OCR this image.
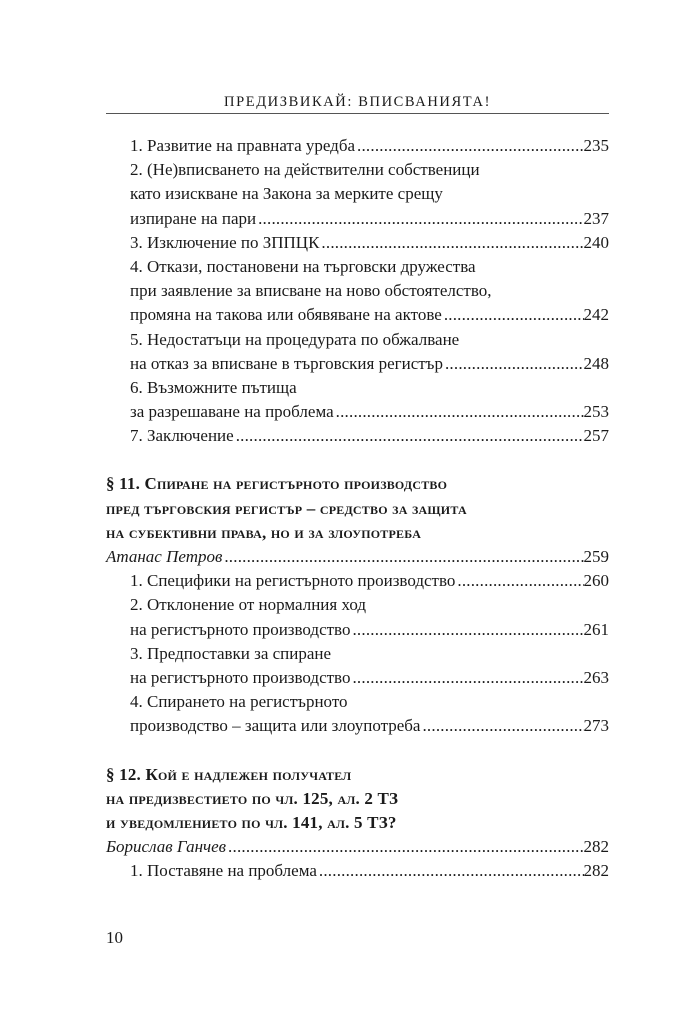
ПРЕДИЗВИКАЙ: ВПИСВАНИЯТА!
1. Развитие на правната уредба .....	235
2. (Не)вписването на действителни собственици
като изискване на Закона за мерките срещу
изпиране на пари .....	237
3. Изключение по ЗППЦК .....	240
4. Откази, постановени на търговски дружества
при заявление за вписване на ново обстоятелство,
промяна на такова или обявяване на актове .....	242
5. Недостатъци на процедурата по обжалване
на отказ за вписване в търговския регистър .....	248
6. Възможните пътища
за разрешаване на проблема .....	253
7. Заключение .....	257
§ 11. Спиране на регистърното производство
пред търговския регистър – средство за защита
на субективни права, но и за злоупотреба
Атанас Петров .....	259
1. Специфики на регистърното производство .....	260
2. Отклонение от нормалния ход
на регистърното производство .....	261
3. Предпоставки за спиране
на регистърното производство .....	263
4. Спирането на регистърното
производство – защита или злоупотреба .....	273
§ 12. Кой е надлежен получател
на предизвестието по чл. 125, ал. 2 ТЗ
и уведомлението по чл. 141, ал. 5 ТЗ?
Борислав Ганчев .....	282
1. Поставяне на проблема .....	282
10
